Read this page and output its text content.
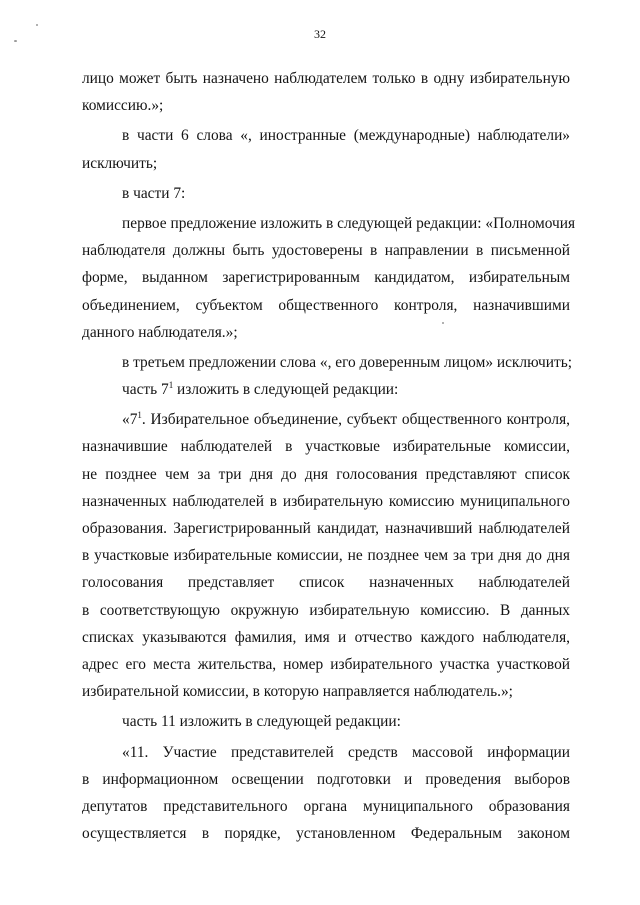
32
лицо может быть назначено наблюдателем только в одну избирательную
комиссию.»;
в части 6 слова «, иностранные (международные) наблюдатели»
исключить;
в части 7:
первое предложение изложить в следующей редакции: «Полномочия
наблюдателя должны быть удостоверены в направлении в письменной
форме, выданном зарегистрированным кандидатом, избирательным
объединением, субъектом общественного контроля, назначившими
данного наблюдателя.»;
в третьем предложении слова «, его доверенным лицом» исключить;
часть $7^1$ изложить в следующей редакции:
«$7^1$. Избирательное объединение, субъект общественного контроля,
назначившие наблюдателей в участковые избирательные комиссии,
не позднее чем за три дня до дня голосования представляют список
назначенных наблюдателей в избирательную комиссию муниципального
образования. Зарегистрированный кандидат, назначивший наблюдателей
в участковые избирательные комиссии, не позднее чем за три дня до дня
голосования представляет список назначенных наблюдателей
в соответствующую окружную избирательную комиссию. В данных
списках указываются фамилия, имя и отчество каждого наблюдателя,
адрес его места жительства, номер избирательного участка участковой
избирательной комиссии, в которую направляется наблюдатель.»;
часть 11 изложить в следующей редакции:
«11. Участие представителей средств массовой информации
в информационном освещении подготовки и проведения выборов
депутатов представительного органа муниципального образования
осуществляется в порядке, установленном Федеральным законом
